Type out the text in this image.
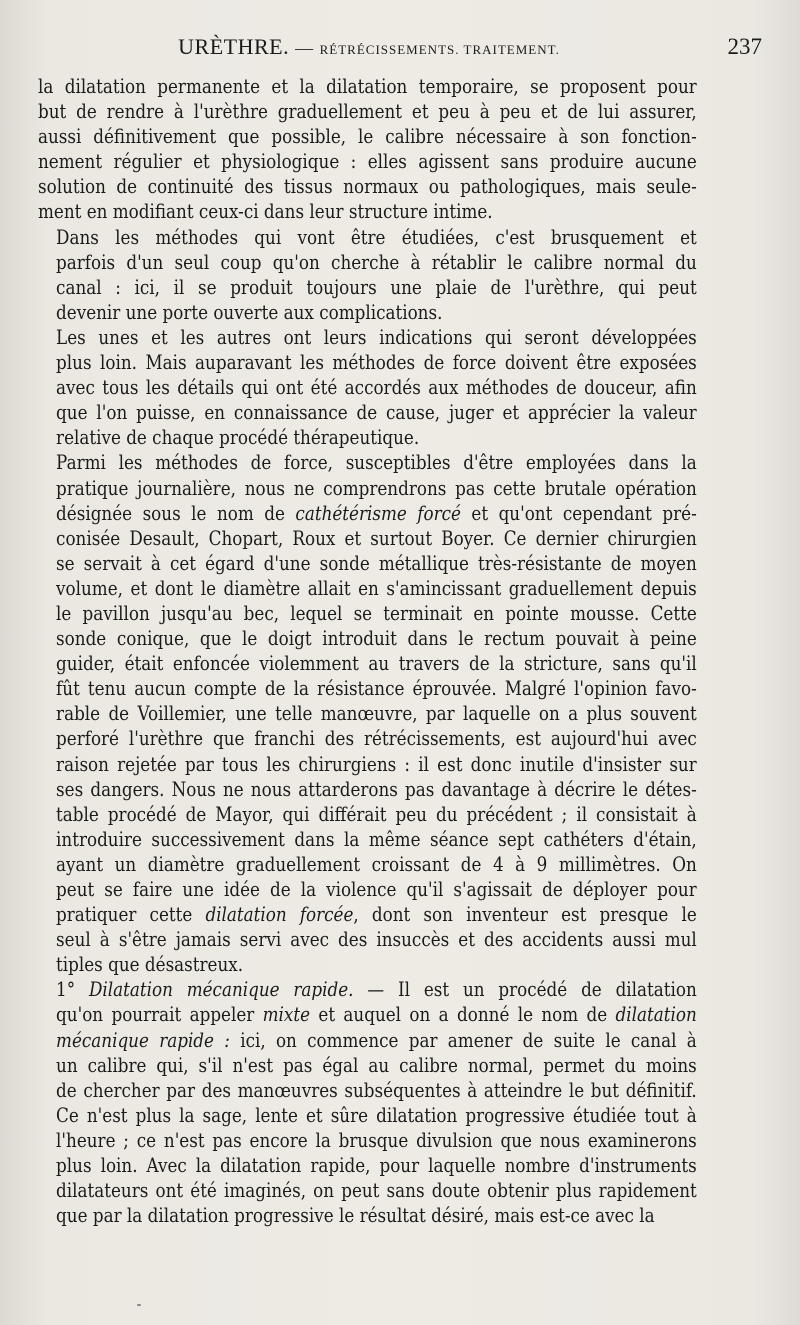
URÈTHRE. — RÉTRÉCISSEMENTS. TRAITEMENT.	237
la dilatation permanente et la dilatation temporaire, se proposent pour
but de rendre à l'urèthre graduellement et peu à peu et de lui assurer,
aussi définitivement que possible, le calibre nécessaire à son fonction-
nement régulier et physiologique : elles agissent sans produire aucune
solution de continuité des tissus normaux ou pathologiques, mais seule-
ment en modifiant ceux-ci dans leur structure intime.
Dans les méthodes qui vont être étudiées, c'est brusquement et
parfois d'un seul coup qu'on cherche à rétablir le calibre normal du
canal : ici, il se produit toujours une plaie de l'urèthre, qui peut
devenir une porte ouverte aux complications.
Les unes et les autres ont leurs indications qui seront développées
plus loin. Mais auparavant les méthodes de force doivent être exposées
avec tous les détails qui ont été accordés aux méthodes de douceur, afin
que l'on puisse, en connaissance de cause, juger et apprécier la valeur
relative de chaque procédé thérapeutique.
Parmi les méthodes de force, susceptibles d'être employées dans la
pratique journalière, nous ne comprendrons pas cette brutale opération
désignée sous le nom de cathétérisme forcé et qu'ont cependant pré-
conisée Desault, Chopart, Roux et surtout Boyer. Ce dernier chirurgien
se servait à cet égard d'une sonde métallique très-résistante de moyen
volume, et dont le diamètre allait en s'amincissant graduellement depuis
le pavillon jusqu'au bec, lequel se terminait en pointe mousse. Cette
sonde conique, que le doigt introduit dans le rectum pouvait à peine
guider, était enfoncée violemment au travers de la stricture, sans qu'il
fût tenu aucun compte de la résistance éprouvée. Malgré l'opinion favo-
rable de Voillemier, une telle manœuvre, par laquelle on a plus souvent
perforé l'urèthre que franchi des rétrécissements, est aujourd'hui avec
raison rejetée par tous les chirurgiens : il est donc inutile d'insister sur
ses dangers. Nous ne nous attarderons pas davantage à décrire le détes-
table procédé de Mayor, qui différait peu du précédent ; il consistait à
introduire successivement dans la même séance sept cathéters d'étain,
ayant un diamètre graduellement croissant de 4 à 9 millimètres. On
peut se faire une idée de la violence qu'il s'agissait de déployer pour
pratiquer cette dilatation forcée, dont son inventeur est presque le
seul à s'être jamais servi avec des insuccès et des accidents aussi mul
tiples que désastreux.
1° Dilatation mécanique rapide. — Il est un procédé de dilatation
qu'on pourrait appeler mixte et auquel on a donné le nom de dilatation
mécanique rapide : ici, on commence par amener de suite le canal à
un calibre qui, s'il n'est pas égal au calibre normal, permet du moins
de chercher par des manœuvres subséquentes à atteindre le but définitif.
Ce n'est plus la sage, lente et sûre dilatation progressive étudiée tout à
l'heure ; ce n'est pas encore la brusque divulsion que nous examinerons
plus loin. Avec la dilatation rapide, pour laquelle nombre d'instruments
dilatateurs ont été imaginés, on peut sans doute obtenir plus rapidement
que par la dilatation progressive le résultat désiré, mais est-ce avec la
